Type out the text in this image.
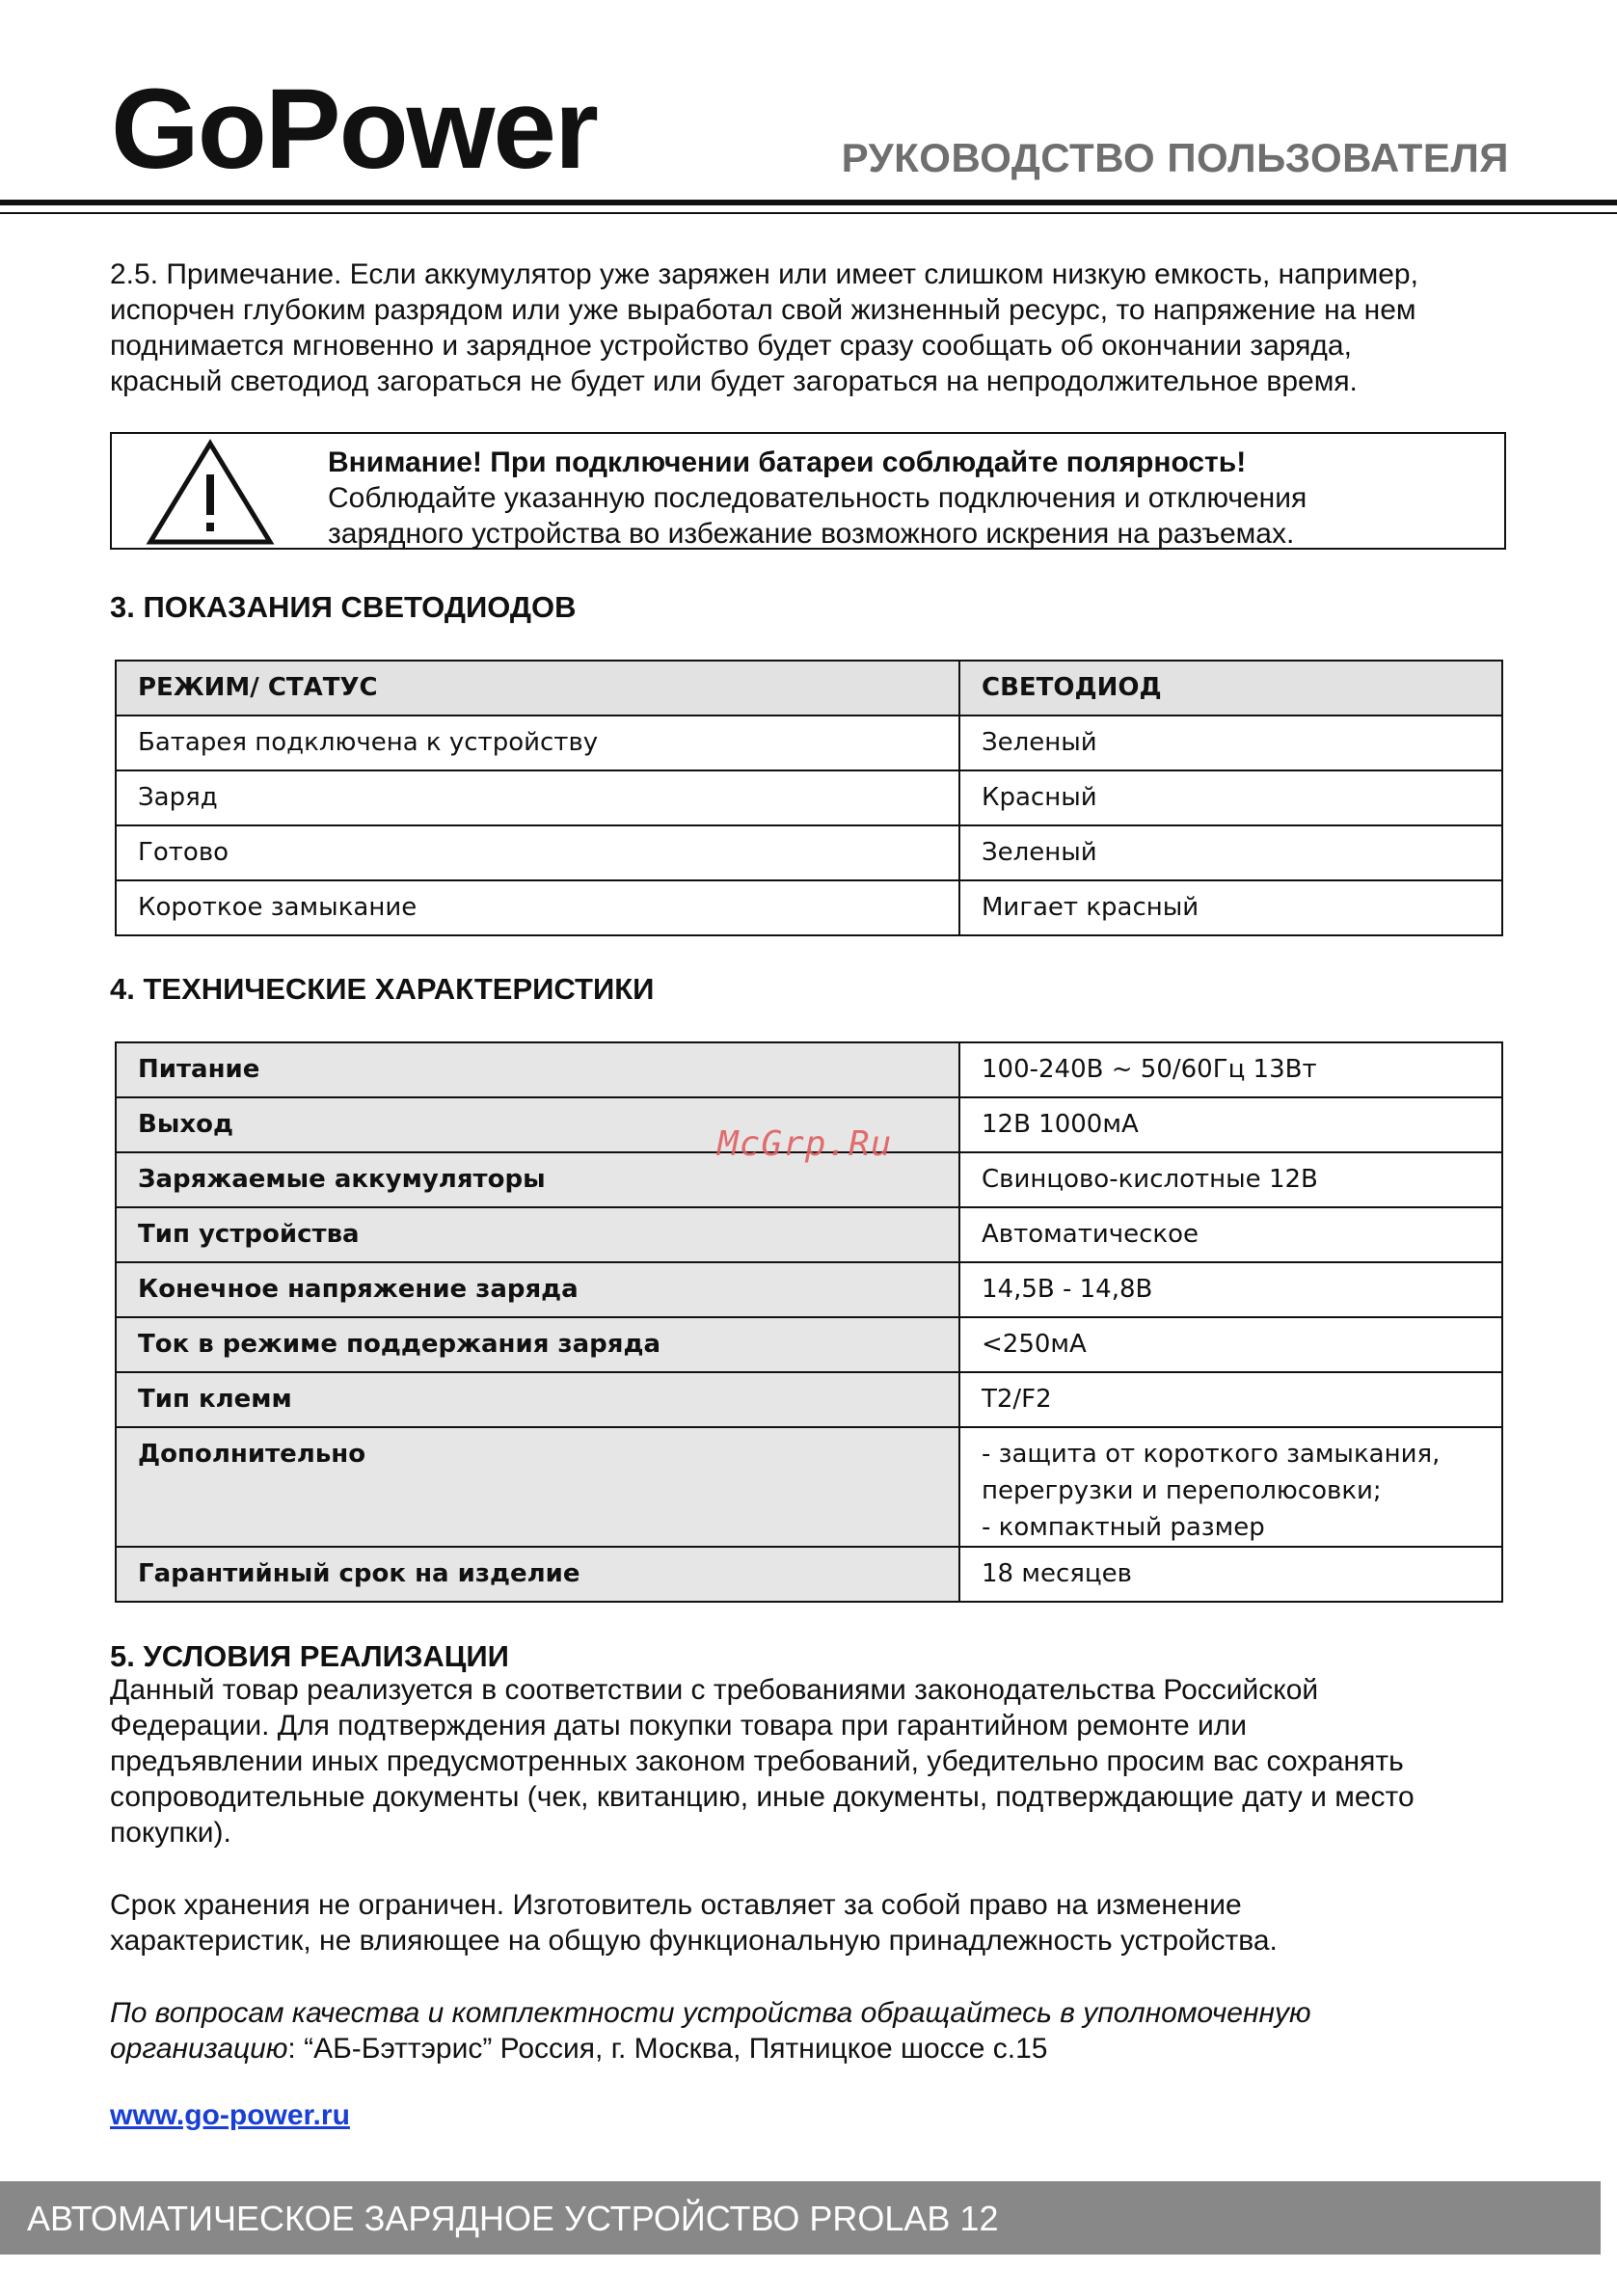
GoPower	РУКОВОДСТВО ПОЛЬЗОВАТЕЛЯ
2.5. Примечание. Если аккумулятор уже заряжен или имеет слишком низкую емкость, например,
испорчен глубоким разрядом или уже выработал свой жизненный ресурс, то напряжение на нем
поднимается мгновенно и зарядное устройство будет сразу сообщать об окончании заряда,
красный светодиод загораться не будет или будет загораться на непродолжительное время.
Внимание! При подключении батареи соблюдайте полярность!
Соблюдайте указанную последовательность подключения и отключения
зарядного устройства во избежание возможного искрения на разъемах.
3. ПОКАЗАНИЯ СВЕТОДИОДОВ
РЕЖИМ/ СТАТУС	СВЕТОДИОД
Батарея подключена к устройству	Зеленый
Заряд	Красный
Готово	Зеленый
Короткое замыкание	Мигает красный
4. ТЕХНИЧЕСКИЕ ХАРАКТЕРИСТИКИ
Питание	100-240В ~ 50/60Гц 13Вт
Выход	12В 1000мА
Заряжаемые аккумуляторы	Свинцово-кислотные 12В
Тип устройства	Автоматическое
Конечное напряжение заряда	14,5В - 14,8В
Ток в режиме поддержания заряда	<250мА
Тип клемм	T2/F2
Дополнительно	- защита от короткого замыкания,
перегрузки и переполюсовки;
- компактный размер

Гарантийный срок на изделие	18 месяцев
McGrp.Ru
5. УСЛОВИЯ РЕАЛИЗАЦИИ
Данный товар реализуется в соответствии с требованиями законодательства Российской
Федерации. Для подтверждения даты покупки товара при гарантийном ремонте или
предъявлении иных предусмотренных законом требований, убедительно просим вас сохранять
сопроводительные документы (чек, квитанцию, иные документы, подтверждающие дату и место
покупки).
Срок хранения не ограничен. Изготовитель оставляет за собой право на изменение
характеристик, не влияющее на общую функциональную принадлежность устройства.
По вопросам качества и комплектности устройства обращайтесь в уполномоченную
организацию: “АБ-Бэттэрис” Россия, г. Москва, Пятницкое шоссе с.15
www.go-power.ru
АВТОМАТИЧЕСКОЕ ЗАРЯДНОЕ УСТРОЙСТВО PROLAB 12
